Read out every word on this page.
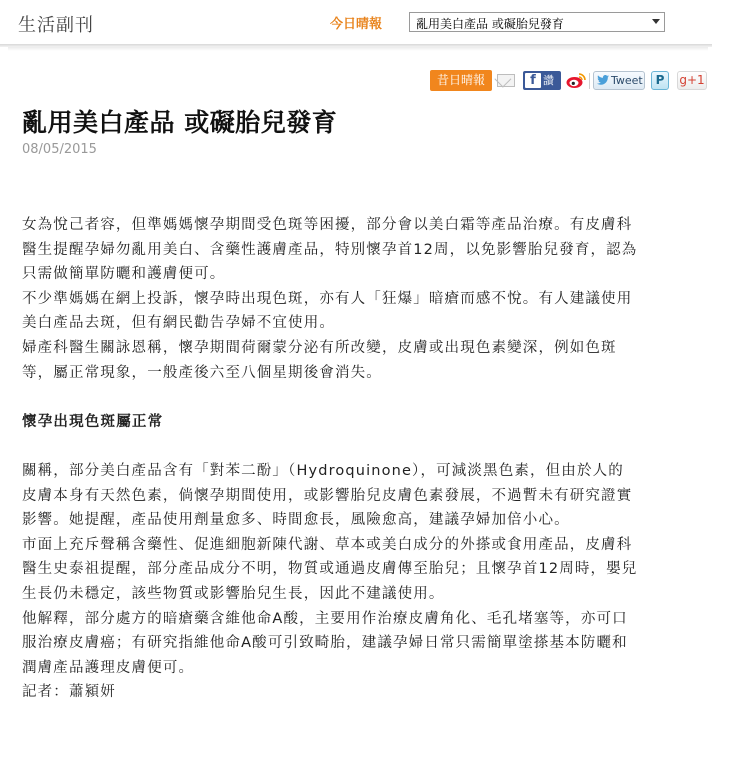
生活副刊	今日晴報	亂用美白產品 或礙胎兒發育
昔日晴報	f 讚	Tweet	P	g+1
亂用美白產品 或礙胎兒發育
08/05/2015

女為悅己者容，但準媽媽懷孕期間受色斑等困擾，部分會以美白霜等產品治療。有皮膚科
醫生提醒孕婦勿亂用美白、含藥性護膚產品，特別懷孕首12周，以免影響胎兒發育，認為
只需做簡單防曬和護膚便可。

不少準媽媽在網上投訴，懷孕時出現色斑，亦有人「狂爆」暗瘡而感不悅。有人建議使用
美白產品去斑，但有網民勸告孕婦不宜使用。

婦產科醫生關詠恩稱，懷孕期間荷爾蒙分泌有所改變，皮膚或出現色素變深，例如色斑
等，屬正常現象，一般產後六至八個星期後會消失。

懷孕出現色斑屬正常

關稱，部分美白產品含有「對苯二酚」（Hydroquinone），可減淡黑色素，但由於人的
皮膚本身有天然色素，倘懷孕期間使用，或影響胎兒皮膚色素發展，不過暫未有研究證實
影響。她提醒，產品使用劑量愈多、時間愈長，風險愈高，建議孕婦加倍小心。

市面上充斥聲稱含藥性、促進細胞新陳代謝、草本或美白成分的外搽或食用產品，皮膚科
醫生史泰祖提醒，部分產品成分不明，物質或通過皮膚傳至胎兒；且懷孕首12周時，嬰兒
生長仍未穩定，該些物質或影響胎兒生長，因此不建議使用。

他解釋，部分處方的暗瘡藥含維他命A酸，主要用作治療皮膚角化、毛孔堵塞等，亦可口
服治療皮膚癌；有研究指維他命A酸可引致畸胎，建議孕婦日常只需簡單塗搽基本防曬和
潤膚產品護理皮膚便可。

記者：蕭潁妍
